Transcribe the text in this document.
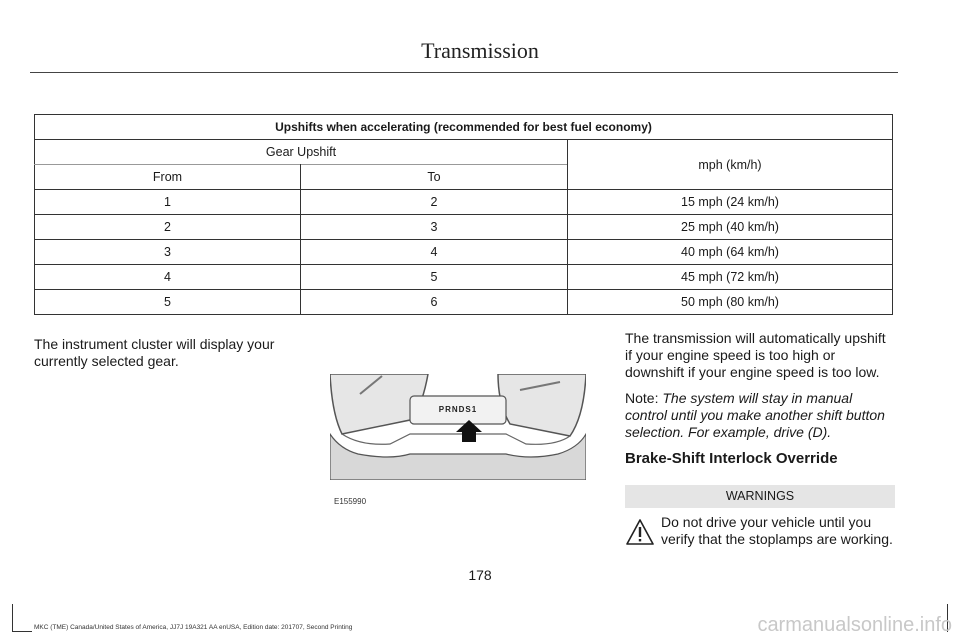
Transmission
Upshifts when accelerating (recommended for best fuel economy)		
Gear Upshift		mph (km/h)
From	To	
1	2	15 mph (24 km/h)
2	3	25 mph (40 km/h)
3	4	40 mph (64 km/h)
4	5	45 mph (72 km/h)
5	6	50 mph (80 km/h)
The instrument cluster will display your currently selected gear.
PRNDS1
E155990

The transmission will automatically upshift if your engine speed is too high or downshift if your engine speed is too low.

Note: The system will stay in manual control until you make another shift button selection. For example, drive (D).

Brake-Shift Interlock Override
WARNINGS
Do not drive your vehicle until you verify that the stoplamps are working.
178
MKC (TME) Canada/United States of America, JJ7J 19A321 AA enUSA, Edition date: 201707, Second Printing	carmanualsonline.info
